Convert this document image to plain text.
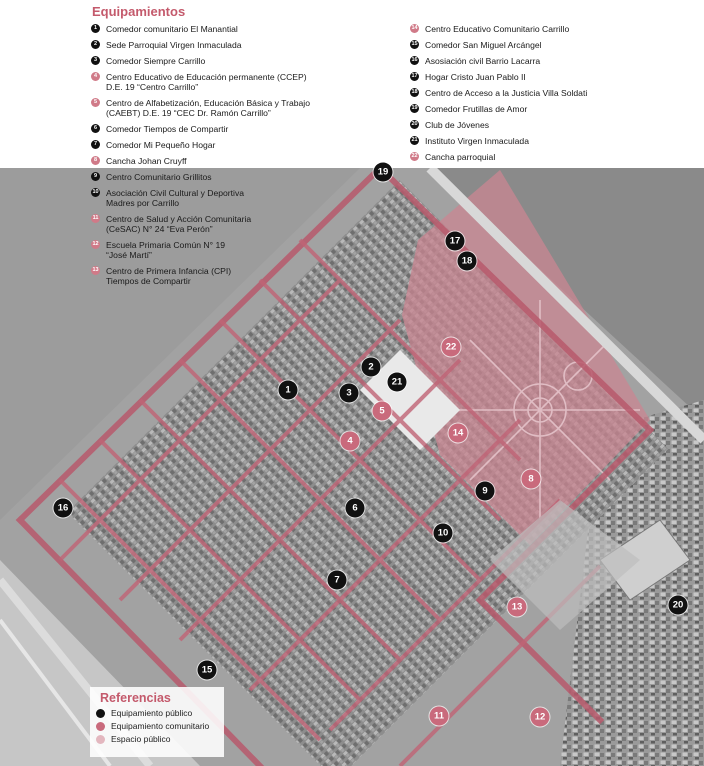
Equipamientos
1	Comedor comunitario El Manantial
2	Sede Parroquial Virgen Inmaculada
3	Comedor Siempre Carrillo
4	Centro Educativo de Educación permanente (CCEP)
D.E. 19 “Centro Carrillo”
5	Centro de Alfabetización, Educación Básica y Trabajo
(CAEBT) D.E. 19 “CEC Dr. Ramón Carrillo”
6	Comedor Tiempos de Compartir
7	Comedor Mi Pequeño Hogar
8	Cancha Johan Cruyff
9	Centro Comunitario Grillitos
10 Asociación Civil Cultural y Deportiva
Madres por Carrillo
11 Centro de Salud y Acción Comunitaria
(CeSAC) N° 24 “Eva Perón”
12 Escuela Primaria Común N° 19
“José Martí”
13 Centro de Primera Infancia (CPI)
Tiempos de Compartir
14 Centro Educativo Comunitario Carrillo
15 Comedor San Miguel Arcángel
16 Asosiación civil Barrio Lacarra
17 Hogar Cristo Juan Pablo II
18 Centro de Acceso a la Justicia Villa Soldati
19 Comedor Frutillas de Amor
20 Club de Jóvenes
21 Instituto Virgen Inmaculada
22 Cancha parroquial
1
2
3
21
5
4
22
14
8
9
6
10
7
16
17
18
19
13	20
15
11	12
Referencias
Equipamiento público
Equipamiento comunitario
Espacio público
